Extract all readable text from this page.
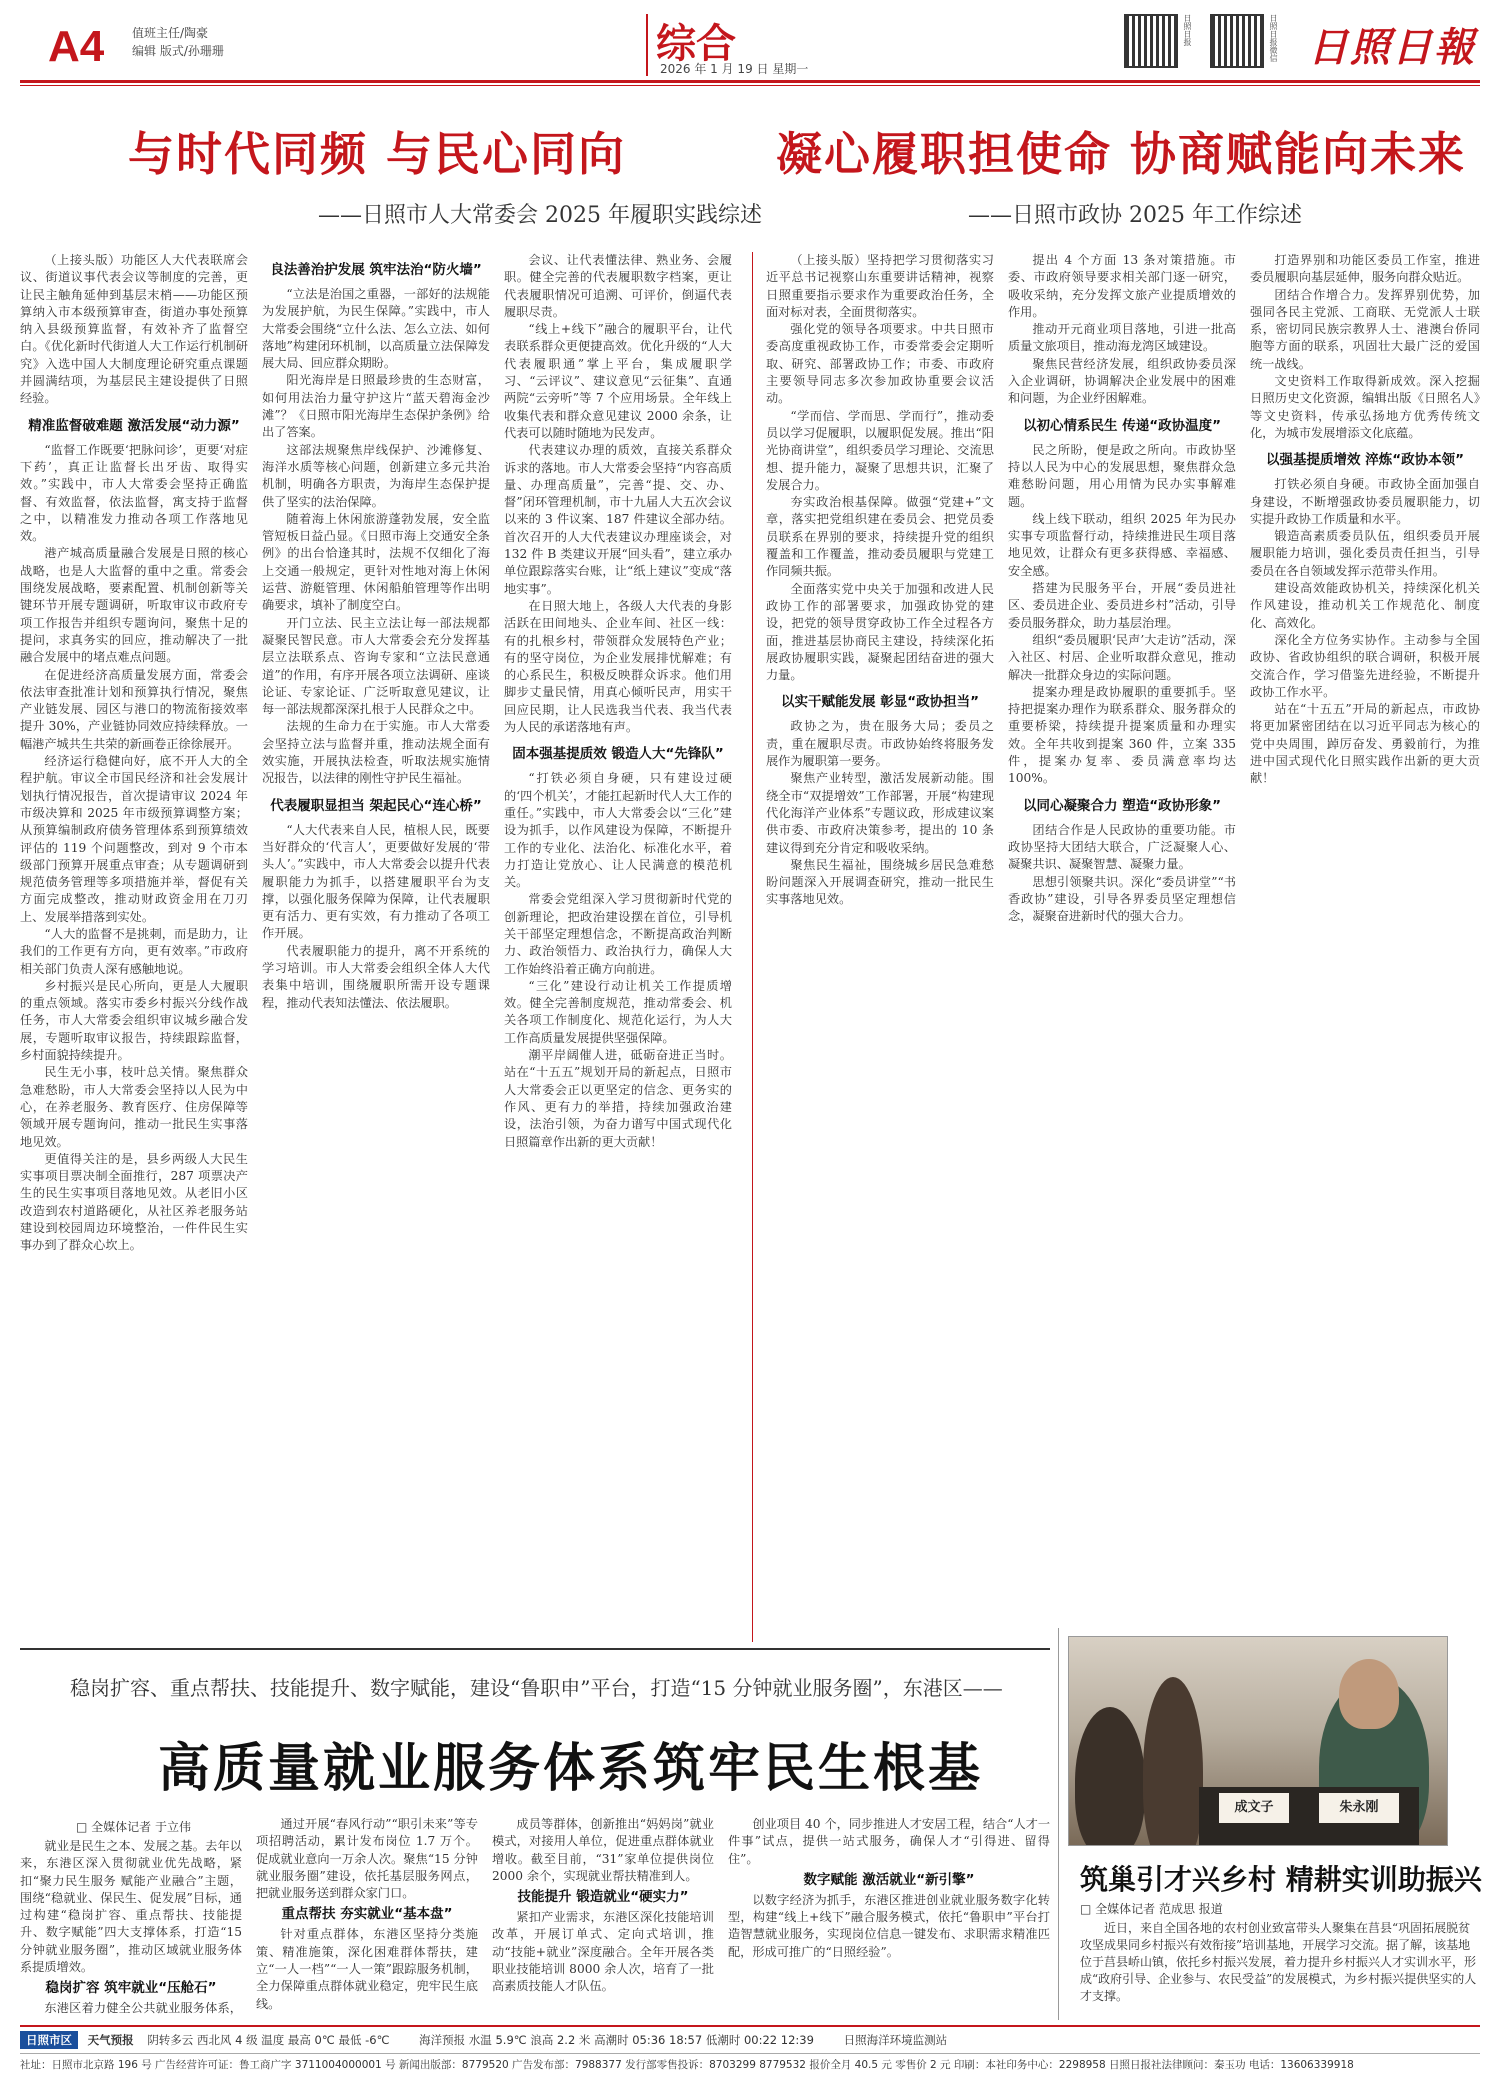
A4 值班主任/陶豪
编辑 版式/孙珊珊	综合
2026 年 1 月 19 日 星期一
日照日报	日照日报微信 日照日報
与时代同频 与民心同向
——日照市人大常委会 2025 年履职实践综述
凝心履职担使命 协商赋能向未来
——日照市政协 2025 年工作综述

（上接头版）功能区人大代表联席会议、街道议事代表会议等制度的完善，更让民主触角延伸到基层末梢——功能区预算纳入市本级预算审查，街道办事处预算纳入县级预算监督，有效补齐了监督空白。《优化新时代街道人大工作运行机制研究》入选中国人大制度理论研究重点课题并圆满结项，为基层民主建设提供了日照经验。

精准监督破难题 激活发展“动力源”

“监督工作既要‘把脉问诊’，更要‘对症下药’，真正让监督长出牙齿、取得实效。”实践中，市人大常委会坚持正确监督、有效监督，依法监督，寓支持于监督之中，以精准发力推动各项工作落地见效。

港产城高质量融合发展是日照的核心战略，也是人大监督的重中之重。常委会围绕发展战略，要素配置、机制创新等关键环节开展专题调研，听取审议市政府专项工作报告并组织专题询问，聚焦十足的提问，求真务实的回应，推动解决了一批融合发展中的堵点难点问题。

在促进经济高质量发展方面，常委会依法审查批准计划和预算执行情况，聚焦产业链发展、园区与港口的物流衔接效率提升 30%，产业链协同效应持续释放。一幅港产城共生共荣的新画卷正徐徐展开。

经济运行稳健向好，底不开人大的全程护航。审议全市国民经济和社会发展计划执行情况报告，首次提请审议 2024 年市级决算和 2025 年市级预算调整方案；从预算编制政府债务管理体系到预算绩效评估的 119 个问题整改，到对 9 个市本级部门预算开展重点审查；从专题调研到规范债务管理等多项措施并举，督促有关方面完成整改，推动财政资金用在刀刃上、发展举措落到实处。

“人大的监督不是挑刺，而是助力，让我们的工作更有方向，更有效率。”市政府相关部门负责人深有感触地说。

乡村振兴是民心所向，更是人大履职的重点领域。落实市委乡村振兴分线作战任务，市人大常委会组织审议城乡融合发展，专题听取审议报告，持续跟踪监督，乡村面貌持续提升。

民生无小事，枝叶总关情。聚焦群众急难愁盼，市人大常委会坚持以人民为中心，在养老服务、教育医疗、住房保障等领域开展专题询问，推动一批民生实事落地见效。

更值得关注的是，县乡两级人大民生实事项目票决制全面推行，287 项票决产生的民生实事项目落地见效。从老旧小区改造到农村道路硬化，从社区养老服务站建设到校园周边环境整治，一件件民生实事办到了群众心坎上。

良法善治护发展 筑牢法治“防火墙”

“立法是治国之重器，一部好的法规能为发展护航，为民生保障。”实践中，市人大常委会围绕“立什么法、怎么立法、如何落地”构建闭环机制，以高质量立法保障发展大局、回应群众期盼。

阳光海岸是日照最珍贵的生态财富，如何用法治力量守护这片“蓝天碧海金沙滩”？《日照市阳光海岸生态保护条例》给出了答案。

这部法规聚焦岸线保护、沙滩修复、海洋水质等核心问题，创新建立多元共治机制，明确各方职责，为海岸生态保护提供了坚实的法治保障。

随着海上休闲旅游蓬勃发展，安全监管短板日益凸显。《日照市海上交通安全条例》的出台恰逢其时，法规不仅细化了海上交通一般规定，更针对性地对海上休闲运营、游艇管理、休闲船舶管理等作出明确要求，填补了制度空白。

开门立法、民主立法让每一部法规都凝聚民智民意。市人大常委会充分发挥基层立法联系点、咨询专家和“立法民意通道”的作用，有序开展各项立法调研、座谈论证、专家论证、广泛听取意见建议，让每一部法规都深深扎根于人民群众之中。

法规的生命力在于实施。市人大常委会坚持立法与监督并重，推动法规全面有效实施，开展执法检查，听取法规实施情况报告，以法律的刚性守护民生福祉。

代表履职显担当 架起民心“连心桥”

“人大代表来自人民，植根人民，既要当好群众的‘代言人’，更要做好发展的‘带头人’。”实践中，市人大常委会以提升代表履职能力为抓手，以搭建履职平台为支撑，以强化服务保障为保障，让代表履职更有活力、更有实效，有力推动了各项工作开展。

代表履职能力的提升，离不开系统的学习培训。市人大常委会组织全体人大代表集中培训，围绕履职所需开设专题课程，推动代表知法懂法、依法履职。

会议、让代表懂法律、熟业务、会履职。健全完善的代表履职数字档案，更让代表履职情况可追溯、可评价，倒逼代表履职尽责。

“线上+线下”融合的履职平台，让代表联系群众更便捷高效。优化升级的“人大代表履职通”掌上平台，集成履职学习、“云评议”、建议意见“云征集”、直通两院“云旁听”等 7 个应用场景。全年线上收集代表和群众意见建议 2000 余条，让代表可以随时随地为民发声。

代表建议办理的质效，直接关系群众诉求的落地。市人大常委会坚持“内容高质量、办理高质量”，完善“提、交、办、督”闭环管理机制，市十九届人大五次会议以来的 3 件议案、187 件建议全部办结。首次召开的人大代表建议办理座谈会，对 132 件 B 类建议开展“回头看”，建立承办单位跟踪落实台账，让“纸上建议”变成“落地实事”。

在日照大地上，各级人大代表的身影活跃在田间地头、企业车间、社区一线：有的扎根乡村，带领群众发展特色产业；有的坚守岗位，为企业发展排忧解难；有的心系民生，积极反映群众诉求。他们用脚步丈量民情，用真心倾听民声，用实干回应民期，让人民选我当代表、我当代表为人民的承诺落地有声。

固本强基提质效 锻造人大“先锋队”

“打铁必须自身硬，只有建设过硬的‘四个机关’，才能扛起新时代人大工作的重任。”实践中，市人大常委会以“三化”建设为抓手，以作风建设为保障，不断提升工作的专业化、法治化、标准化水平，着力打造让党放心、让人民满意的模范机关。

常委会党组深入学习贯彻新时代党的创新理论，把政治建设摆在首位，引导机关干部坚定理想信念，不断提高政治判断力、政治领悟力、政治执行力，确保人大工作始终沿着正确方向前进。

“三化”建设行动让机关工作提质增效。健全完善制度规范，推动常委会、机关各项工作制度化、规范化运行，为人大工作高质量发展提供坚强保障。

潮平岸阔催人进，砥砺奋进正当时。站在“十五五”规划开局的新起点，日照市人大常委会正以更坚定的信念、更务实的作风、更有力的举措，持续加强政治建设，法治引领，为奋力谱写中国式现代化日照篇章作出新的更大贡献！

（上接头版）坚持把学习贯彻落实习近平总书记视察山东重要讲话精神，视察日照重要指示要求作为重要政治任务，全面对标对表，全面贯彻落实。

强化党的领导各项要求。中共日照市委高度重视政协工作，市委常委会定期听取、研究、部署政协工作；市委、市政府主要领导同志多次参加政协重要会议活动。

“学而信、学而思、学而行”，推动委员以学习促履职，以履职促发展。推出“阳光协商讲堂”，组织委员学习理论、交流思想、提升能力，凝聚了思想共识，汇聚了发展合力。

夯实政治根基保障。做强“党建+”文章，落实把党组织建在委员会、把党员委员联系在界别的要求，持续提升党的组织覆盖和工作覆盖，推动委员履职与党建工作同频共振。

全面落实党中央关于加强和改进人民政协工作的部署要求，加强政协党的建设，把党的领导贯穿政协工作全过程各方面，推进基层协商民主建设，持续深化拓展政协履职实践，凝聚起团结奋进的强大力量。

以实干赋能发展 彰显“政协担当”

政协之为，贵在服务大局；委员之责，重在履职尽责。市政协始终将服务发展作为履职第一要务。

聚焦产业转型，激活发展新动能。围绕全市“双提增效”工作部署，开展“构建现代化海洋产业体系”专题议政，形成建议案供市委、市政府决策参考，提出的 10 条建议得到充分肯定和吸收采纳。

聚焦民生福祉，围绕城乡居民急难愁盼问题深入开展调查研究，推动一批民生实事落地见效。

提出 4 个方面 13 条对策措施。市委、市政府领导要求相关部门逐一研究，吸收采纳，充分发挥文旅产业提质增效的作用。

推动开元商业项目落地，引进一批高质量文旅项目，推动海龙湾区域建设。

聚焦民营经济发展，组织政协委员深入企业调研，协调解决企业发展中的困难和问题，为企业纾困解难。

以初心情系民生 传递“政协温度”

民之所盼，便是政之所向。市政协坚持以人民为中心的发展思想，聚焦群众急难愁盼问题，用心用情为民办实事解难题。

线上线下联动，组织 2025 年为民办实事专项监督行动，持续推进民生项目落地见效，让群众有更多获得感、幸福感、安全感。

搭建为民服务平台，开展“委员进社区、委员进企业、委员进乡村”活动，引导委员服务群众，助力基层治理。

组织“委员履职‘民声’大走访”活动，深入社区、村居、企业听取群众意见，推动解决一批群众身边的实际问题。

提案办理是政协履职的重要抓手。坚持把提案办理作为联系群众、服务群众的重要桥梁，持续提升提案质量和办理实效。全年共收到提案 360 件，立案 335 件，提案办复率、委员满意率均达 100%。

以同心凝聚合力 塑造“政协形象”

团结合作是人民政协的重要功能。市政协坚持大团结大联合，广泛凝聚人心、凝聚共识、凝聚智慧、凝聚力量。

思想引领聚共识。深化“委员讲堂”“书香政协”建设，引导各界委员坚定理想信念，凝聚奋进新时代的强大合力。

打造界别和功能区委员工作室，推进委员履职向基层延伸，服务向群众贴近。

团结合作增合力。发挥界别优势，加强同各民主党派、工商联、无党派人士联系，密切同民族宗教界人士、港澳台侨同胞等方面的联系，巩固壮大最广泛的爱国统一战线。

文史资料工作取得新成效。深入挖掘日照历史文化资源，编辑出版《日照名人》等文史资料，传承弘扬地方优秀传统文化，为城市发展增添文化底蕴。

以强基提质增效 淬炼“政协本领”

打铁必须自身硬。市政协全面加强自身建设，不断增强政协委员履职能力，切实提升政协工作质量和水平。

锻造高素质委员队伍，组织委员开展履职能力培训，强化委员责任担当，引导委员在各自领域发挥示范带头作用。

建设高效能政协机关，持续深化机关作风建设，推动机关工作规范化、制度化、高效化。

深化全方位务实协作。主动参与全国政协、省政协组织的联合调研，积极开展交流合作，学习借鉴先进经验，不断提升政协工作水平。

站在“十五五”开局的新起点，市政协将更加紧密团结在以习近平同志为核心的党中央周围，踔厉奋发、勇毅前行，为推进中国式现代化日照实践作出新的更大贡献！

稳岗扩容、重点帮扶、技能提升、数字赋能，建设“鲁职申”平台，打造“15 分钟就业服务圈”，东港区——
高质量就业服务体系筑牢民生根基
□ 全媒体记者 于立伟

就业是民生之本、发展之基。去年以来，东港区深入贯彻就业优先战略，紧扣“聚力民生服务 赋能产业融合”主题，围绕“稳就业、保民生、促发展”目标，通过构建“稳岗扩容、重点帮扶、技能提升、数字赋能”四大支撑体系，打造“15 分钟就业服务圈”，推动区域就业服务体系提质增效。

稳岗扩容 筑牢就业“压舱石”

东港区着力健全公共就业服务体系，

通过开展“春风行动”“职引未来”等专项招聘活动，累计发布岗位 1.7 万个。促成就业意向一万余人次。聚焦“15 分钟就业服务圈”建设，依托基层服务网点，把就业服务送到群众家门口。

重点帮扶 夯实就业“基本盘”

针对重点群体，东港区坚持分类施策、精准施策，深化困难群体帮扶，建立“一人一档”“一人一策”跟踪服务机制，全力保障重点群体就业稳定，兜牢民生底线。

成员等群体，创新推出“妈妈岗”就业模式，对接用人单位，促进重点群体就业增收。截至目前，“31”家单位提供岗位 2000 余个，实现就业帮扶精准到人。

技能提升 锻造就业“硬实力”

紧扣产业需求，东港区深化技能培训改革，开展订单式、定向式培训，推动“技能+就业”深度融合。全年开展各类职业技能培训 8000 余人次，培育了一批高素质技能人才队伍。

创业项目 40 个，同步推进人才安居工程，结合“人才一件事”试点，提供一站式服务，确保人才“引得进、留得住”。

数字赋能 激活就业“新引擎”

以数字经济为抓手，东港区推进创业就业服务数字化转型，构建“线上+线下”融合服务模式，依托“鲁职申”平台打造智慧就业服务，实现岗位信息一键发布、求职需求精准匹配，形成可推广的“日照经验”。

成文子	朱永刚
筑巢引才兴乡村 精耕实训助振兴
□ 全媒体记者 范成思 报道
近日，来自全国各地的农村创业致富带头人聚集在莒县“巩固拓展脱贫攻坚成果同乡村振兴有效衔接”培训基地，开展学习交流。据了解，该基地位于莒县峤山镇，依托乡村振兴发展，着力提升乡村振兴人才实训水平，形成“政府引导、企业参与、农民受益”的发展模式，为乡村振兴提供坚实的人才支撑。
日照市区 天气预报 阴转多云 西北风 4 级 温度 最高 0℃ 最低 -6℃	海洋预报 水温 5.9℃ 浪高 2.2 米 高潮时 05:36 18:57 低潮时 00:22 12:39	日照海洋环境监测站
社址：日照市北京路 196 号 广告经营许可证：鲁工商广字 3711004000001 号 新闻出版部：8779520 广告发布部：7988377 发行部零售投诉：8703299 8779532 报价全月 40.5 元 零售价 2 元 印刷：本社印务中心：2298958 日照日报社法律顾问：秦玉功 电话：13606339918
